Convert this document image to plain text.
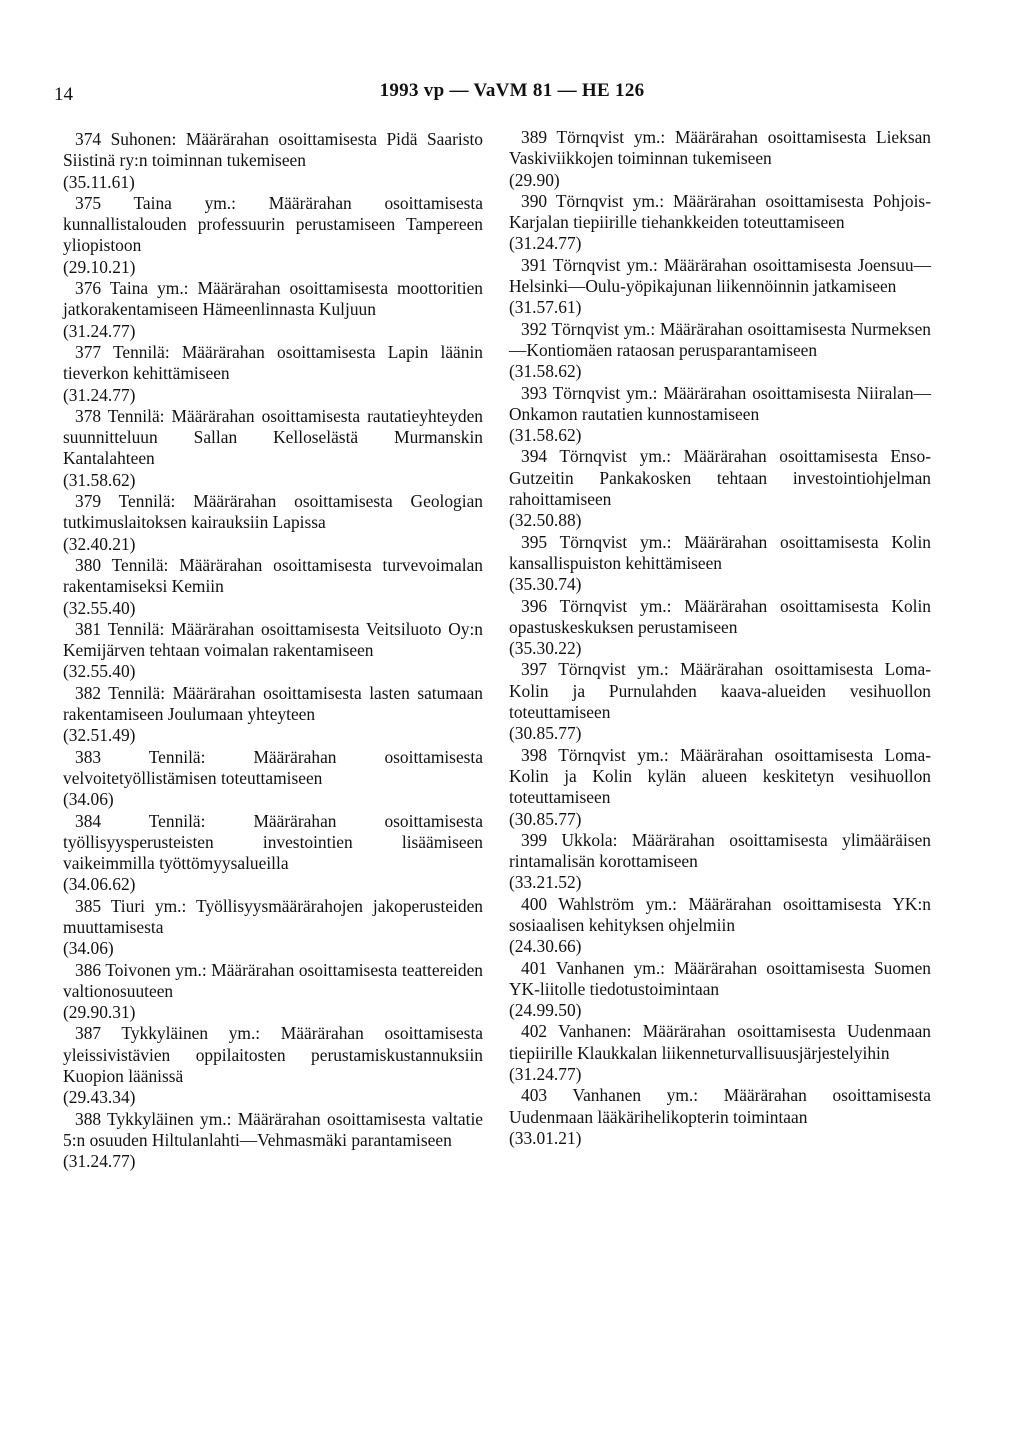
14	1993 vp — VaVM 81 — HE 126

374 Suhonen: Määrärahan osoittamisesta Pidä Saaristo Siistinä ry:n toiminnan tukemiseen

(35.11.61)

375 Taina ym.: Määrärahan osoittamisesta kunnallistalouden professuurin perustamiseen Tampereen yliopistoon

(29.10.21)

376 Taina ym.: Määrärahan osoittamisesta moottoritien jatkorakentamiseen Hämeenlinnasta Kuljuun

(31.24.77)

377 Tennilä: Määrärahan osoittamisesta Lapin läänin tieverkon kehittämiseen

(31.24.77)

378 Tennilä: Määrärahan osoittamisesta rautatieyhteyden suunnitteluun Sallan Kelloselästä Murmanskin Kantalahteen

(31.58.62)

379 Tennilä: Määrärahan osoittamisesta Geologian tutkimuslaitoksen kairauksiin Lapissa

(32.40.21)

380 Tennilä: Määrärahan osoittamisesta turvevoimalan rakentamiseksi Kemiin

(32.55.40)

381 Tennilä: Määrärahan osoittamisesta Veitsiluoto Oy:n Kemijärven tehtaan voimalan rakentamiseen

(32.55.40)

382 Tennilä: Määrärahan osoittamisesta lasten satumaan rakentamiseen Joulumaan yhteyteen

(32.51.49)

383 Tennilä: Määrärahan osoittamisesta velvoitetyöllistämisen toteuttamiseen

(34.06)

384 Tennilä: Määrärahan osoittamisesta työllisyysperusteisten investointien lisäämiseen vaikeimmilla työttömyysalueilla

(34.06.62)

385 Tiuri ym.: Työllisyysmäärärahojen jakoperusteiden muuttamisesta

(34.06)

386 Toivonen ym.: Määrärahan osoittamisesta teattereiden valtionosuuteen

(29.90.31)

387 Tykkyläinen ym.: Määrärahan osoittamisesta yleissivistävien oppilaitosten perustamiskustannuksiin Kuopion läänissä

(29.43.34)

388 Tykkyläinen ym.: Määrärahan osoittamisesta valtatie 5:n osuuden Hiltulanlahti—Vehmasmäki parantamiseen

(31.24.77)

389 Törnqvist ym.: Määrärahan osoittamisesta Lieksan Vaskiviikkojen toiminnan tukemiseen

(29.90)

390 Törnqvist ym.: Määrärahan osoittamisesta Pohjois-Karjalan tiepiirille tiehankkeiden toteuttamiseen

(31.24.77)

391 Törnqvist ym.: Määrärahan osoittamisesta Joensuu—Helsinki—Oulu-yöpikajunan liikennöinnin jatkamiseen

(31.57.61)

392 Törnqvist ym.: Määrärahan osoittamisesta Nurmeksen—Kontiomäen rataosan perusparantamiseen

(31.58.62)

393 Törnqvist ym.: Määrärahan osoittamisesta Niiralan—Onkamon rautatien kunnostamiseen

(31.58.62)

394 Törnqvist ym.: Määrärahan osoittamisesta Enso-Gutzeitin Pankakosken tehtaan investointiohjelman rahoittamiseen

(32.50.88)

395 Törnqvist ym.: Määrärahan osoittamisesta Kolin kansallispuiston kehittämiseen

(35.30.74)

396 Törnqvist ym.: Määrärahan osoittamisesta Kolin opastuskeskuksen perustamiseen

(35.30.22)

397 Törnqvist ym.: Määrärahan osoittamisesta Loma-Kolin ja Purnulahden kaava-alueiden vesihuollon toteuttamiseen

(30.85.77)

398 Törnqvist ym.: Määrärahan osoittamisesta Loma-Kolin ja Kolin kylän alueen keskitetyn vesihuollon toteuttamiseen

(30.85.77)

399 Ukkola: Määrärahan osoittamisesta ylimääräisen rintamalisän korottamiseen

(33.21.52)

400 Wahlström ym.: Määrärahan osoittamisesta YK:n sosiaalisen kehityksen ohjelmiin

(24.30.66)

401 Vanhanen ym.: Määrärahan osoittamisesta Suomen YK-liitolle tiedotustoimintaan

(24.99.50)

402 Vanhanen: Määrärahan osoittamisesta Uudenmaan tiepiirille Klaukkalan liikenneturvallisuusjärjestelyihin

(31.24.77)

403 Vanhanen ym.: Määrärahan osoittamisesta Uudenmaan lääkärihelikopterin toimintaan

(33.01.21)
